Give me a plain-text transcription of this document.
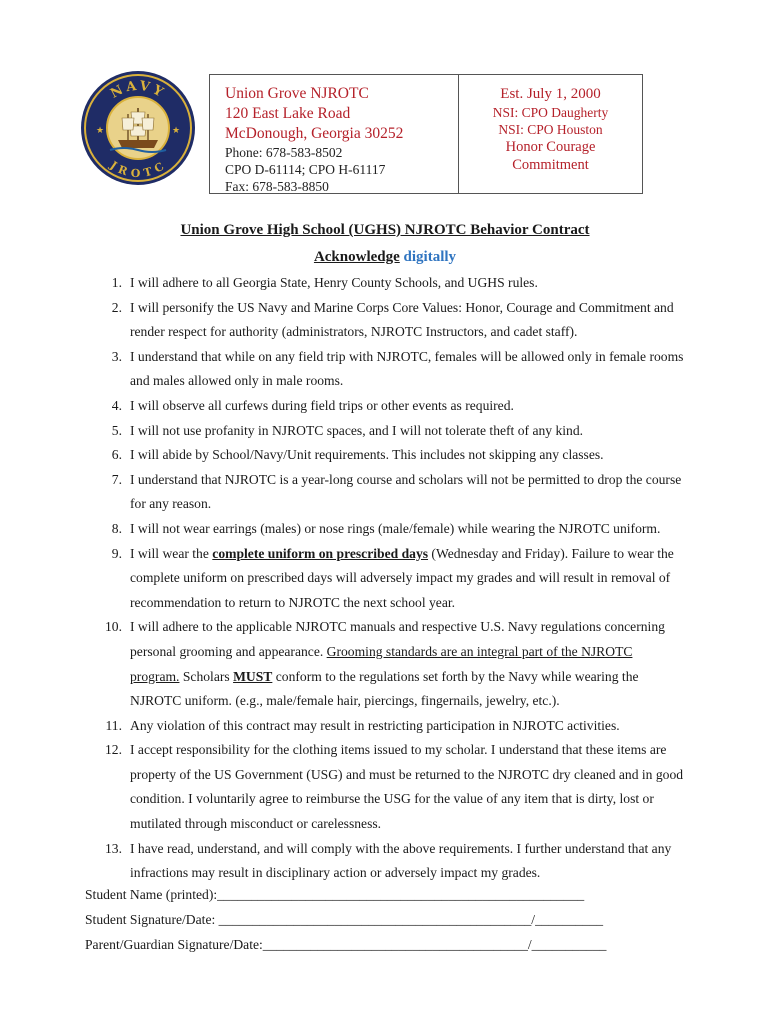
★	★
NAVY
JROTC
Union Grove NJROTC
120 East Lake Road
McDonough, Georgia 30252
Phone: 678-583-8502
CPO D-61114; CPO H-61117
Fax: 678-583-8850
Est. July 1, 2000
NSI: CPO Daugherty
NSI: CPO Houston
Honor Courage
Commitment
Union Grove High School (UGHS) NJROTC Behavior Contract
Acknowledge digitally
1. I will adhere to all Georgia State, Henry County Schools, and UGHS rules.
2. I will personify the US Navy and Marine Corps Core Values: Honor, Courage and Commitment and render respect for authority (administrators, NJROTC Instructors, and cadet staff).
3. I understand that while on any field trip with NJROTC, females will be allowed only in female rooms and males allowed only in male rooms.
4. I will observe all curfews during field trips or other events as required.
5. I will not use profanity in NJROTC spaces, and I will not tolerate theft of any kind.
6. I will abide by School/Navy/Unit requirements. This includes not skipping any classes.
7. I understand that NJROTC is a year-long course and scholars will not be permitted to drop the course for any reason.
8. I will not wear earrings (males) or nose rings (male/female) while wearing the NJROTC uniform.
9. I will wear the complete uniform on prescribed days (Wednesday and Friday). Failure to wear the complete uniform on prescribed days will adversely impact my grades and will result in removal of recommendation to return to NJROTC the next school year.
10. I will adhere to the applicable NJROTC manuals and respective U.S. Navy regulations concerning personal grooming and appearance. Grooming standards are an integral part of the NJROTC program. Scholars MUST conform to the regulations set forth by the Navy while wearing the NJROTC uniform. (e.g., male/female hair, piercings, fingernails, jewelry, etc.).
11. Any violation of this contract may result in restricting participation in NJROTC activities.
12. I accept responsibility for the clothing items issued to my scholar. I understand that these items are property of the US Government (USG) and must be returned to the NJROTC dry cleaned and in good condition. I voluntarily agree to reimburse the USG for the value of any item that is dirty, lost or mutilated through misconduct or carelessness.
13. I have read, understand, and will comply with the above requirements. I further understand that any infractions may result in disciplinary action or adversely impact my grades.
Student Name (printed):______________________________________________________
Student Signature/Date: ______________________________________________/__________
Parent/Guardian Signature/Date:_______________________________________/___________
